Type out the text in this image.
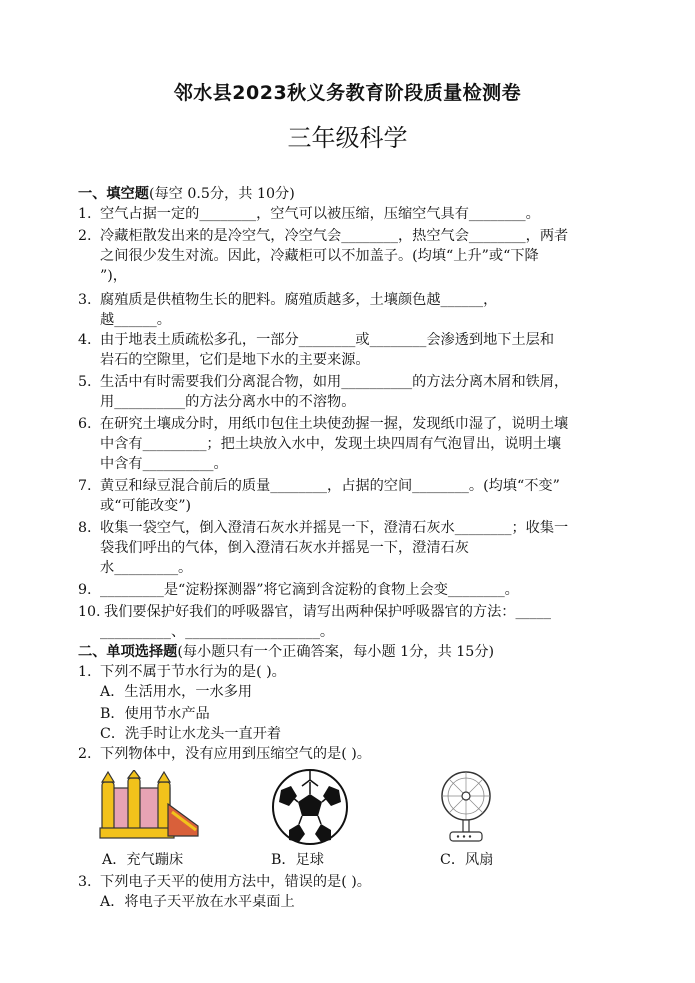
邻水县2023秋义务教育阶段质量检测卷
三年级科学
一、填空题(每空 0.5分，共 10分)
1. 空气占据一定的________，空气可以被压缩，压缩空气具有________。
2. 冷藏柜散发出来的是冷空气，冷空气会________，热空气会________，两者
之间很少发生对流。因此，冷藏柜可以不加盖子。(均填“上升”或“下降
”)，
3. 腐殖质是供植物生长的肥料。腐殖质越多，土壤颜色越______，
越______。
4. 由于地表土质疏松多孔，一部分________或________会渗透到地下土层和
岩石的空隙里，它们是地下水的主要来源。
5. 生活中有时需要我们分离混合物，如用__________的方法分离木屑和铁屑，
用__________的方法分离水中的不溶物。
6. 在研究土壤成分时，用纸巾包住土块使劲握一握，发现纸巾湿了，说明土壤
中含有_________；把土块放入水中，发现土块四周有气泡冒出，说明土壤
中含有__________。
7. 黄豆和绿豆混合前后的质量________，占据的空间________。(均填“不变”
或“可能改变”)
8. 收集一袋空气，倒入澄清石灰水并摇晃一下，澄清石灰水________；收集一
袋我们呼出的气体，倒入澄清石灰水并摇晃一下，澄清石灰
水_________。
9. _________是“淀粉探测器”将它滴到含淀粉的食物上会变________。
10. 我们要保护好我们的呼吸器官，请写出两种保护呼吸器官的方法：_____
__________、___________________。
二、单项选择题(每小题只有一个正确答案，每小题 1分，共 15分)
1. 下列不属于节水行为的是( )。
A．生活用水，一水多用
B．使用节水产品
C．洗手时让水龙头一直开着
2. 下列物体中，没有应用到压缩空气的是( )。
A．充气蹦床	B．足球	C．风扇
3. 下列电子天平的使用方法中，错误的是( )。
A．将电子天平放在水平桌面上
